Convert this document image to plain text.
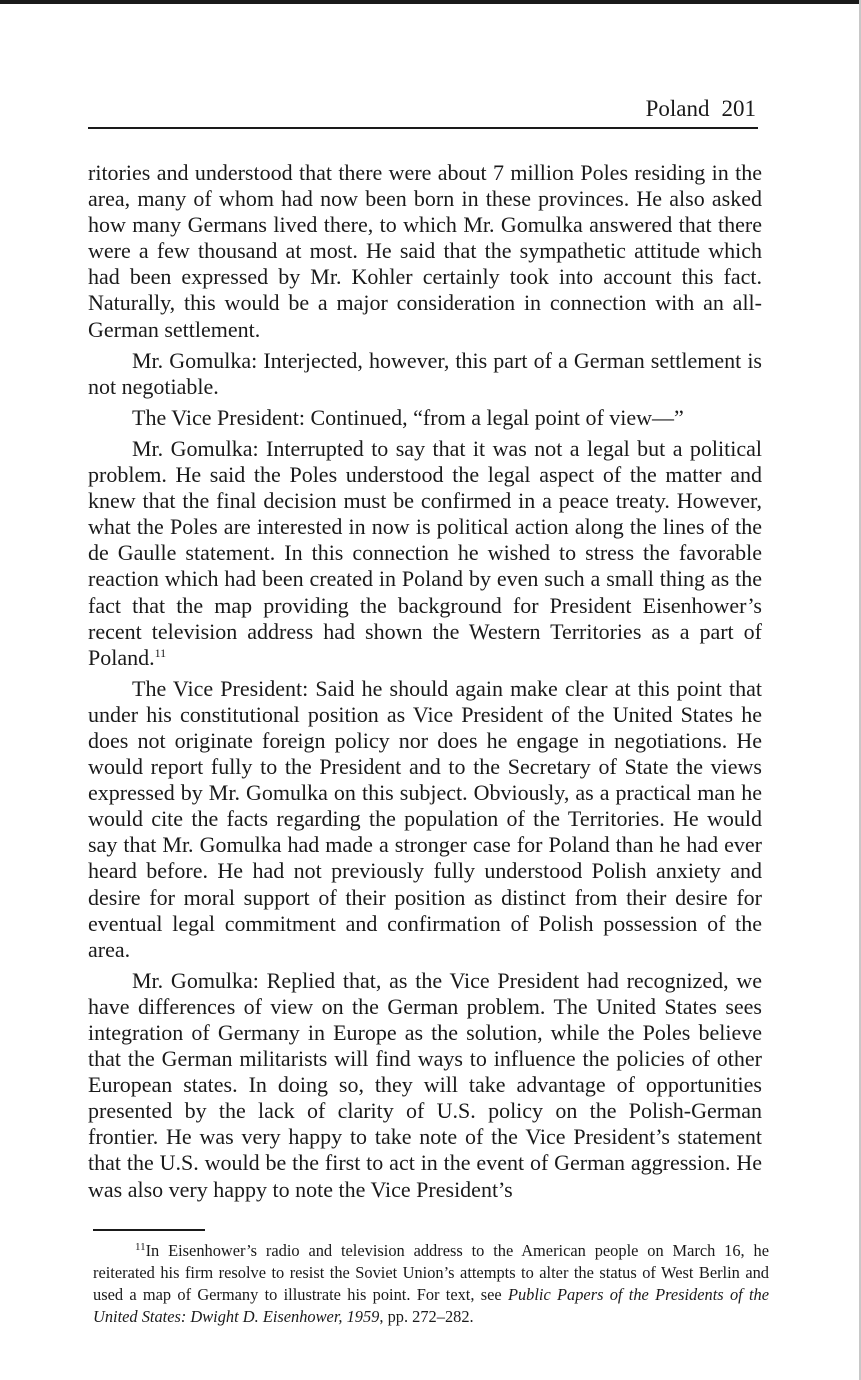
Poland 201

ritories and understood that there were about 7 million Poles residing in the area, many of whom had now been born in these provinces. He also asked how many Germans lived there, to which Mr. Gomulka answered that there were a few thousand at most. He said that the sympathetic attitude which had been expressed by Mr. Kohler certainly took into account this fact. Naturally, this would be a major consideration in connection with an all-German settlement.

Mr. Gomulka: Interjected, however, this part of a German settlement is not negotiable.

The Vice President: Continued, “from a legal point of view—”

Mr. Gomulka: Interrupted to say that it was not a legal but a political problem. He said the Poles understood the legal aspect of the matter and knew that the final decision must be confirmed in a peace treaty. However, what the Poles are interested in now is political action along the lines of the de Gaulle statement. In this connection he wished to stress the favorable reaction which had been created in Poland by even such a small thing as the fact that the map providing the background for President Eisenhower’s recent television address had shown the Western Territories as a part of Poland.$^{11}$

The Vice President: Said he should again make clear at this point that under his constitutional position as Vice President of the United States he does not originate foreign policy nor does he engage in negotiations. He would report fully to the President and to the Secretary of State the views expressed by Mr. Gomulka on this subject. Obviously, as a practical man he would cite the facts regarding the population of the Territories. He would say that Mr. Gomulka had made a stronger case for Poland than he had ever heard before. He had not previously fully understood Polish anxiety and desire for moral support of their position as distinct from their desire for eventual legal commitment and confirmation of Polish possession of the area.

Mr. Gomulka: Replied that, as the Vice President had recognized, we have differences of view on the German problem. The United States sees integration of Germany in Europe as the solution, while the Poles believe that the German militarists will find ways to influence the policies of other European states. In doing so, they will take advantage of opportunities presented by the lack of clarity of U.S. policy on the Polish-German frontier. He was very happy to take note of the Vice President’s statement that the U.S. would be the first to act in the event of German aggression. He was also very happy to note the Vice President’s

$^{11}$In Eisenhower’s radio and television address to the American people on March 16, he reiterated his firm resolve to resist the Soviet Union’s attempts to alter the status of West Berlin and used a map of Germany to illustrate his point. For text, see Public Papers of the Presidents of the United States: Dwight D. Eisenhower, 1959, pp. 272–282.
